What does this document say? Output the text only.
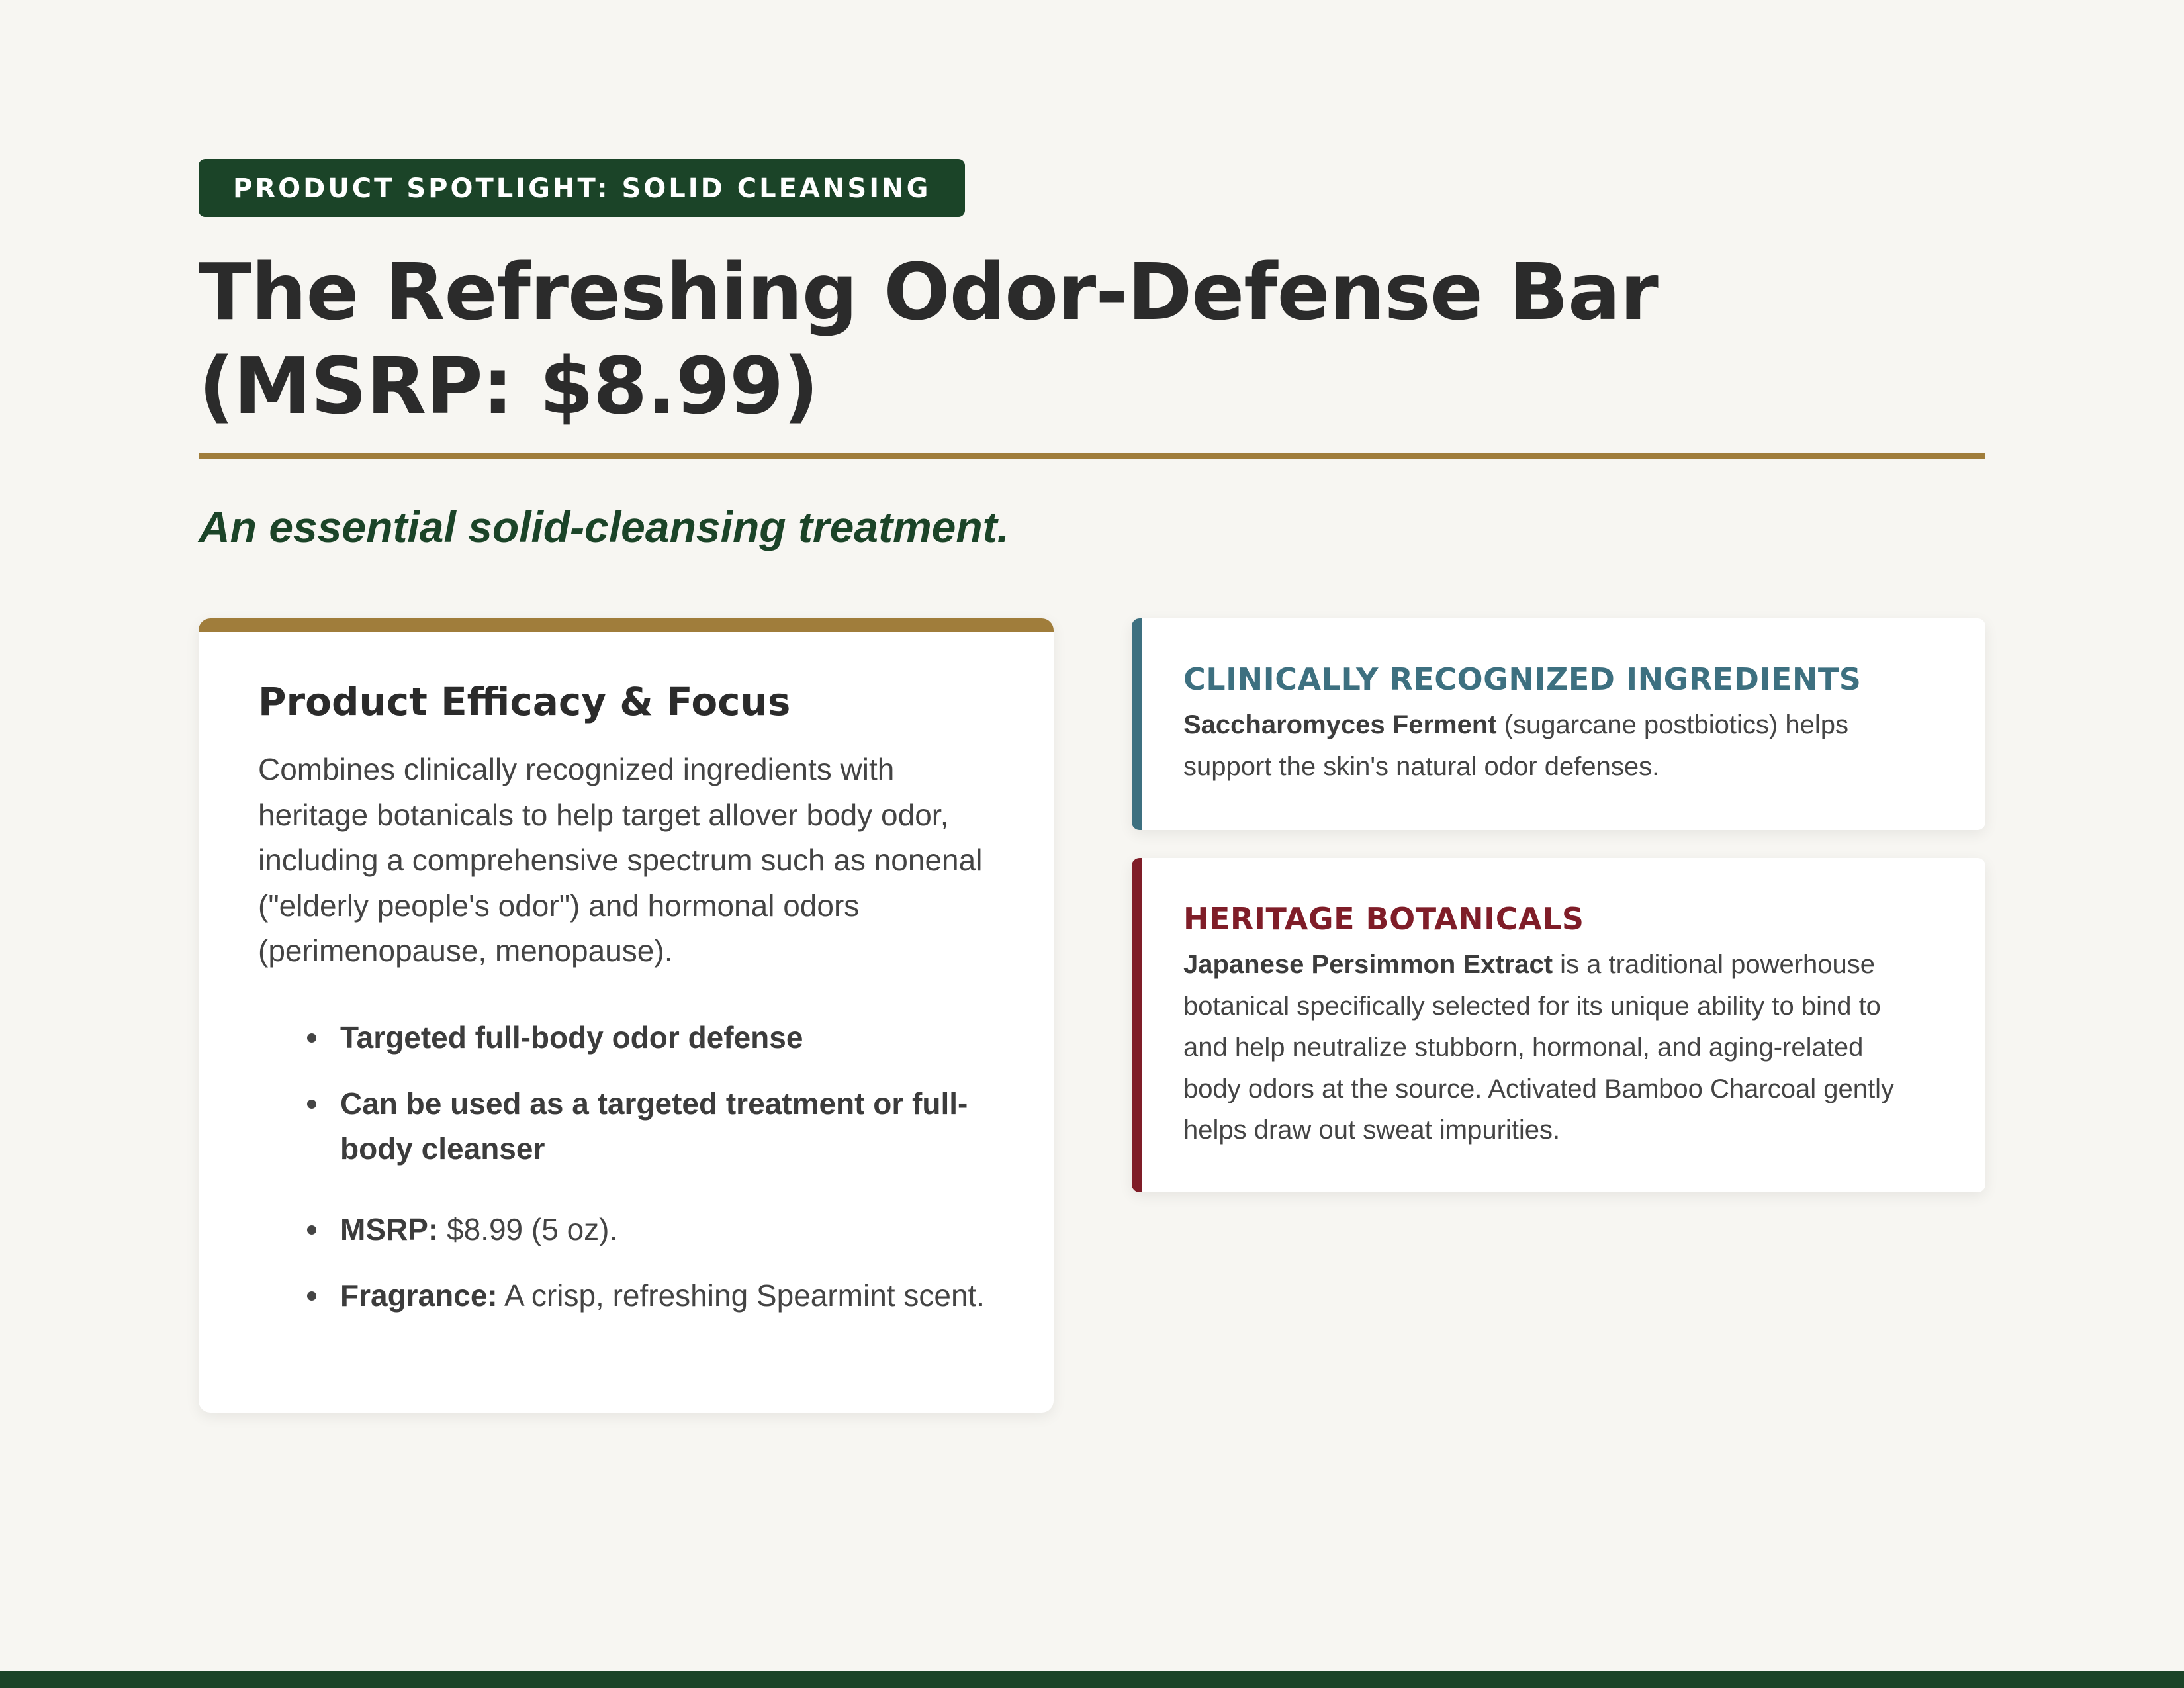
PRODUCT SPOTLIGHT: SOLID CLEANSING
The Refreshing Odor-Defense Bar (MSRP: $8.99)
An essential solid-cleansing treatment.
Product Efficacy & Focus
Combines clinically recognized ingredients with heritage botanicals to help target allover body odor, including a comprehensive spectrum such as nonenal ("elderly people's odor") and hormonal odors (perimenopause, menopause).
Targeted full-body odor defense
Can be used as a targeted treatment or full-body cleanser
MSRP: $8.99 (5 oz).
Fragrance: A crisp, refreshing Spearmint scent.
CLINICALLY RECOGNIZED INGREDIENTS
Saccharomyces Ferment (sugarcane postbiotics) helps support the skin's natural odor defenses.
HERITAGE BOTANICALS
Japanese Persimmon Extract is a traditional powerhouse botanical specifically selected for its unique ability to bind to and help neutralize stubborn, hormonal, and aging-related body odors at the source. Activated Bamboo Charcoal gently helps draw out sweat impurities.
